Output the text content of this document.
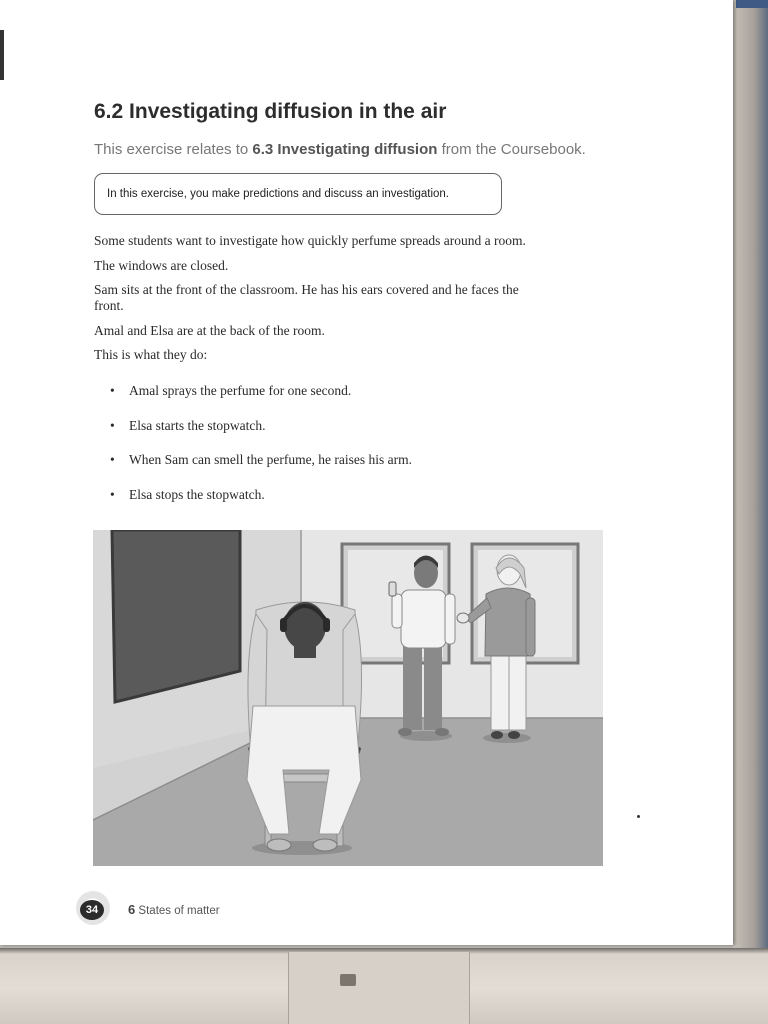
6.2 Investigating diffusion in the air

This exercise relates to 6.3 Investigating diffusion from the Coursebook.

In this exercise, you make predictions and discuss an investigation.

Some students want to investigate how quickly perfume spreads around a room.

The windows are closed.

Sam sits at the front of the classroom. He has his ears covered and he faces the front.

Amal and Elsa are at the back of the room.

This is what they do:

• Amal sprays the perfume for one second.
• Elsa starts the stopwatch.
• When Sam can smell the perfume, he raises his arm.
• Elsa stops the stopwatch.
34	6 States of matter
